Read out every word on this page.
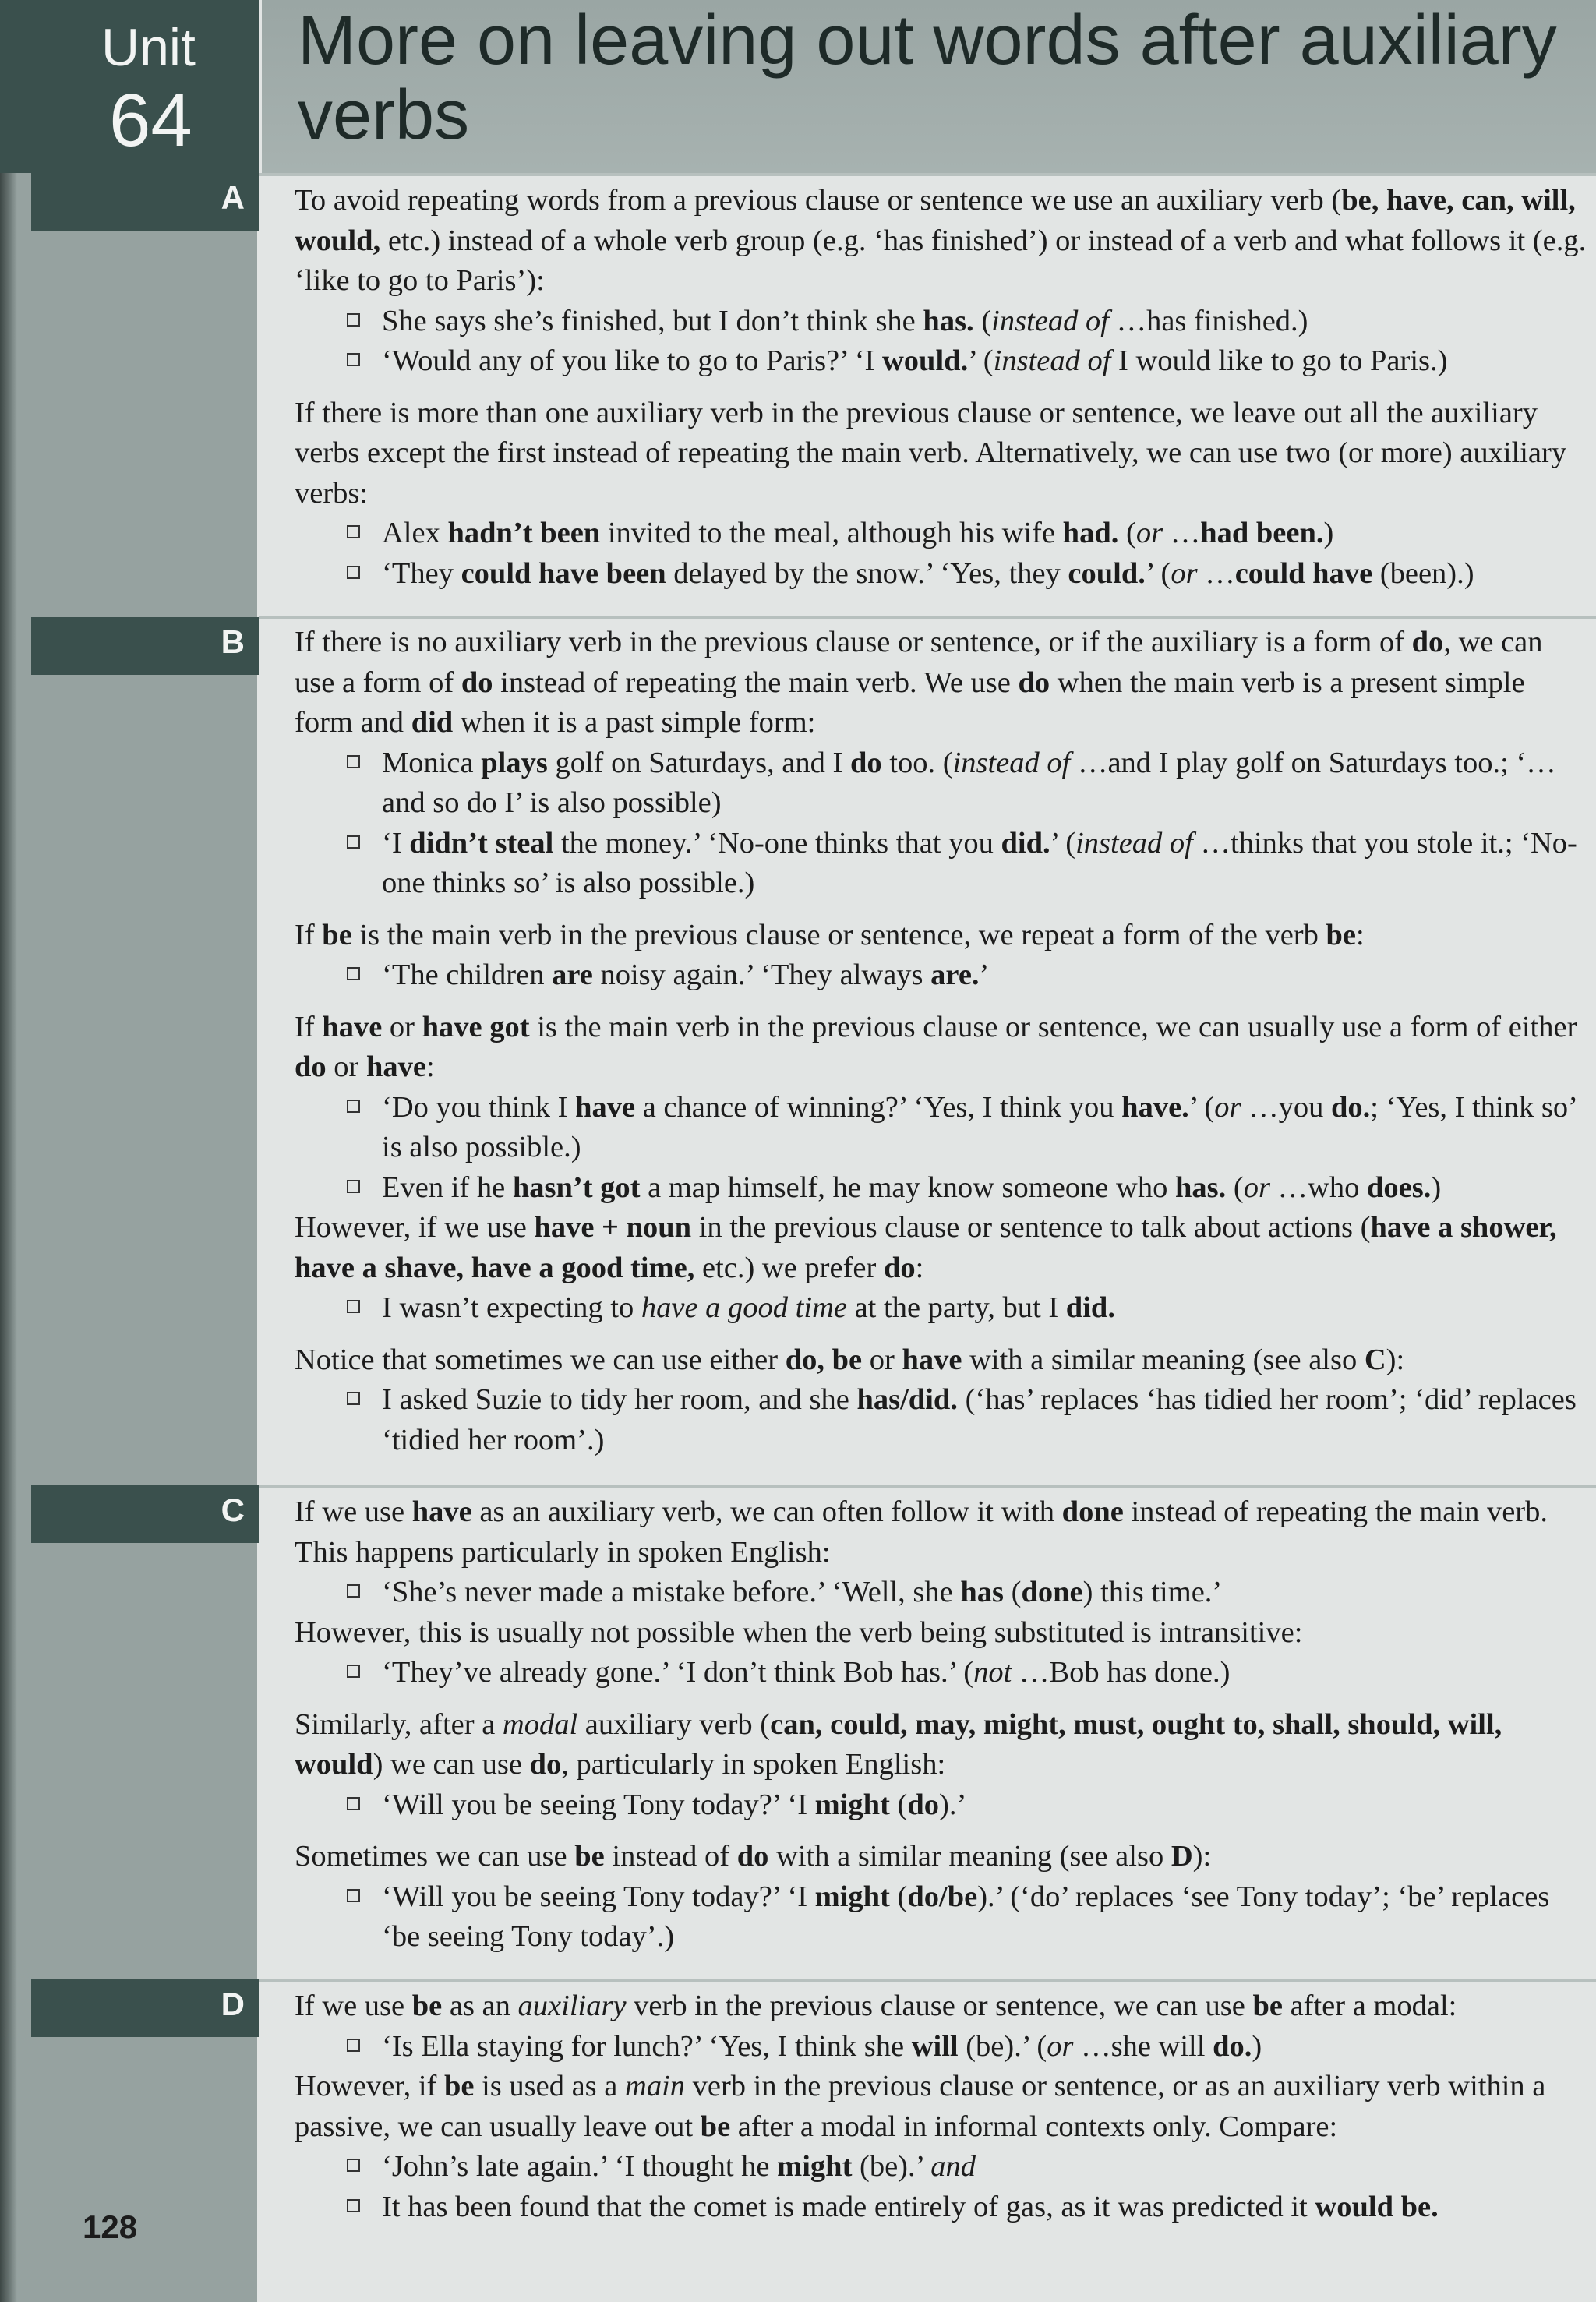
Unit
64
More on leaving out words after auxiliary verbs
A To avoid repeating words from a previous clause or sentence we use an auxiliary verb (be, have, can, will, would, etc.) instead of a whole verb group (e.g. ‘has finished’) or instead of a verb and what follows it (e.g. ‘like to go to Paris’):

She says she’s finished, but I don’t think she has. (instead of …has finished.)

‘Would any of you like to go to Paris?’ ‘I would.’ (instead of I would like to go to Paris.)

If there is more than one auxiliary verb in the previous clause or sentence, we leave out all the auxiliary verbs except the first instead of repeating the main verb. Alternatively, we can use two (or more) auxiliary verbs:

Alex hadn’t been invited to the meal, although his wife had. (or …had been.)

‘They could have been delayed by the snow.’ ‘Yes, they could.’ (or …could have (been).)

B If there is no auxiliary verb in the previous clause or sentence, or if the auxiliary is a form of do, we can use a form of do instead of repeating the main verb. We use do when the main verb is a present simple form and did when it is a past simple form:

Monica plays golf on Saturdays, and I do too. (instead of …and I play golf on Saturdays too.; ‘…and so do I’ is also possible)

‘I didn’t steal the money.’ ‘No-one thinks that you did.’ (instead of …thinks that you stole it.; ‘No-one thinks so’ is also possible.)

If be is the main verb in the previous clause or sentence, we repeat a form of the verb be:

‘The children are noisy again.’ ‘They always are.’

If have or have got is the main verb in the previous clause or sentence, we can usually use a form of either do or have:

‘Do you think I have a chance of winning?’ ‘Yes, I think you have.’ (or …you do.; ‘Yes, I think so’ is also possible.)

Even if he hasn’t got a map himself, he may know someone who has. (or …who does.)

However, if we use have + noun in the previous clause or sentence to talk about actions (have a shower, have a shave, have a good time, etc.) we prefer do:

I wasn’t expecting to have a good time at the party, but I did.

Notice that sometimes we can use either do, be or have with a similar meaning (see also C):

I asked Suzie to tidy her room, and she has/did. (‘has’ replaces ‘has tidied her room’; ‘did’ replaces ‘tidied her room’.)

C If we use have as an auxiliary verb, we can often follow it with done instead of repeating the main verb. This happens particularly in spoken English:

‘She’s never made a mistake before.’ ‘Well, she has (done) this time.’

However, this is usually not possible when the verb being substituted is intransitive:

‘They’ve already gone.’ ‘I don’t think Bob has.’ (not …Bob has done.)

Similarly, after a modal auxiliary verb (can, could, may, might, must, ought to, shall, should, will, would) we can use do, particularly in spoken English:

‘Will you be seeing Tony today?’ ‘I might (do).’

Sometimes we can use be instead of do with a similar meaning (see also D):

‘Will you be seeing Tony today?’ ‘I might (do/be).’ (‘do’ replaces ‘see Tony today’; ‘be’ replaces ‘be seeing Tony today’.)

D If we use be as an auxiliary verb in the previous clause or sentence, we can use be after a modal:

‘Is Ella staying for lunch?’ ‘Yes, I think she will (be).’ (or …she will do.)

However, if be is used as a main verb in the previous clause or sentence, or as an auxiliary verb within a passive, we can usually leave out be after a modal in informal contexts only. Compare:

‘John’s late again.’ ‘I thought he might (be).’ and

It has been found that the comet is made entirely of gas, as it was predicted it would be.

128
